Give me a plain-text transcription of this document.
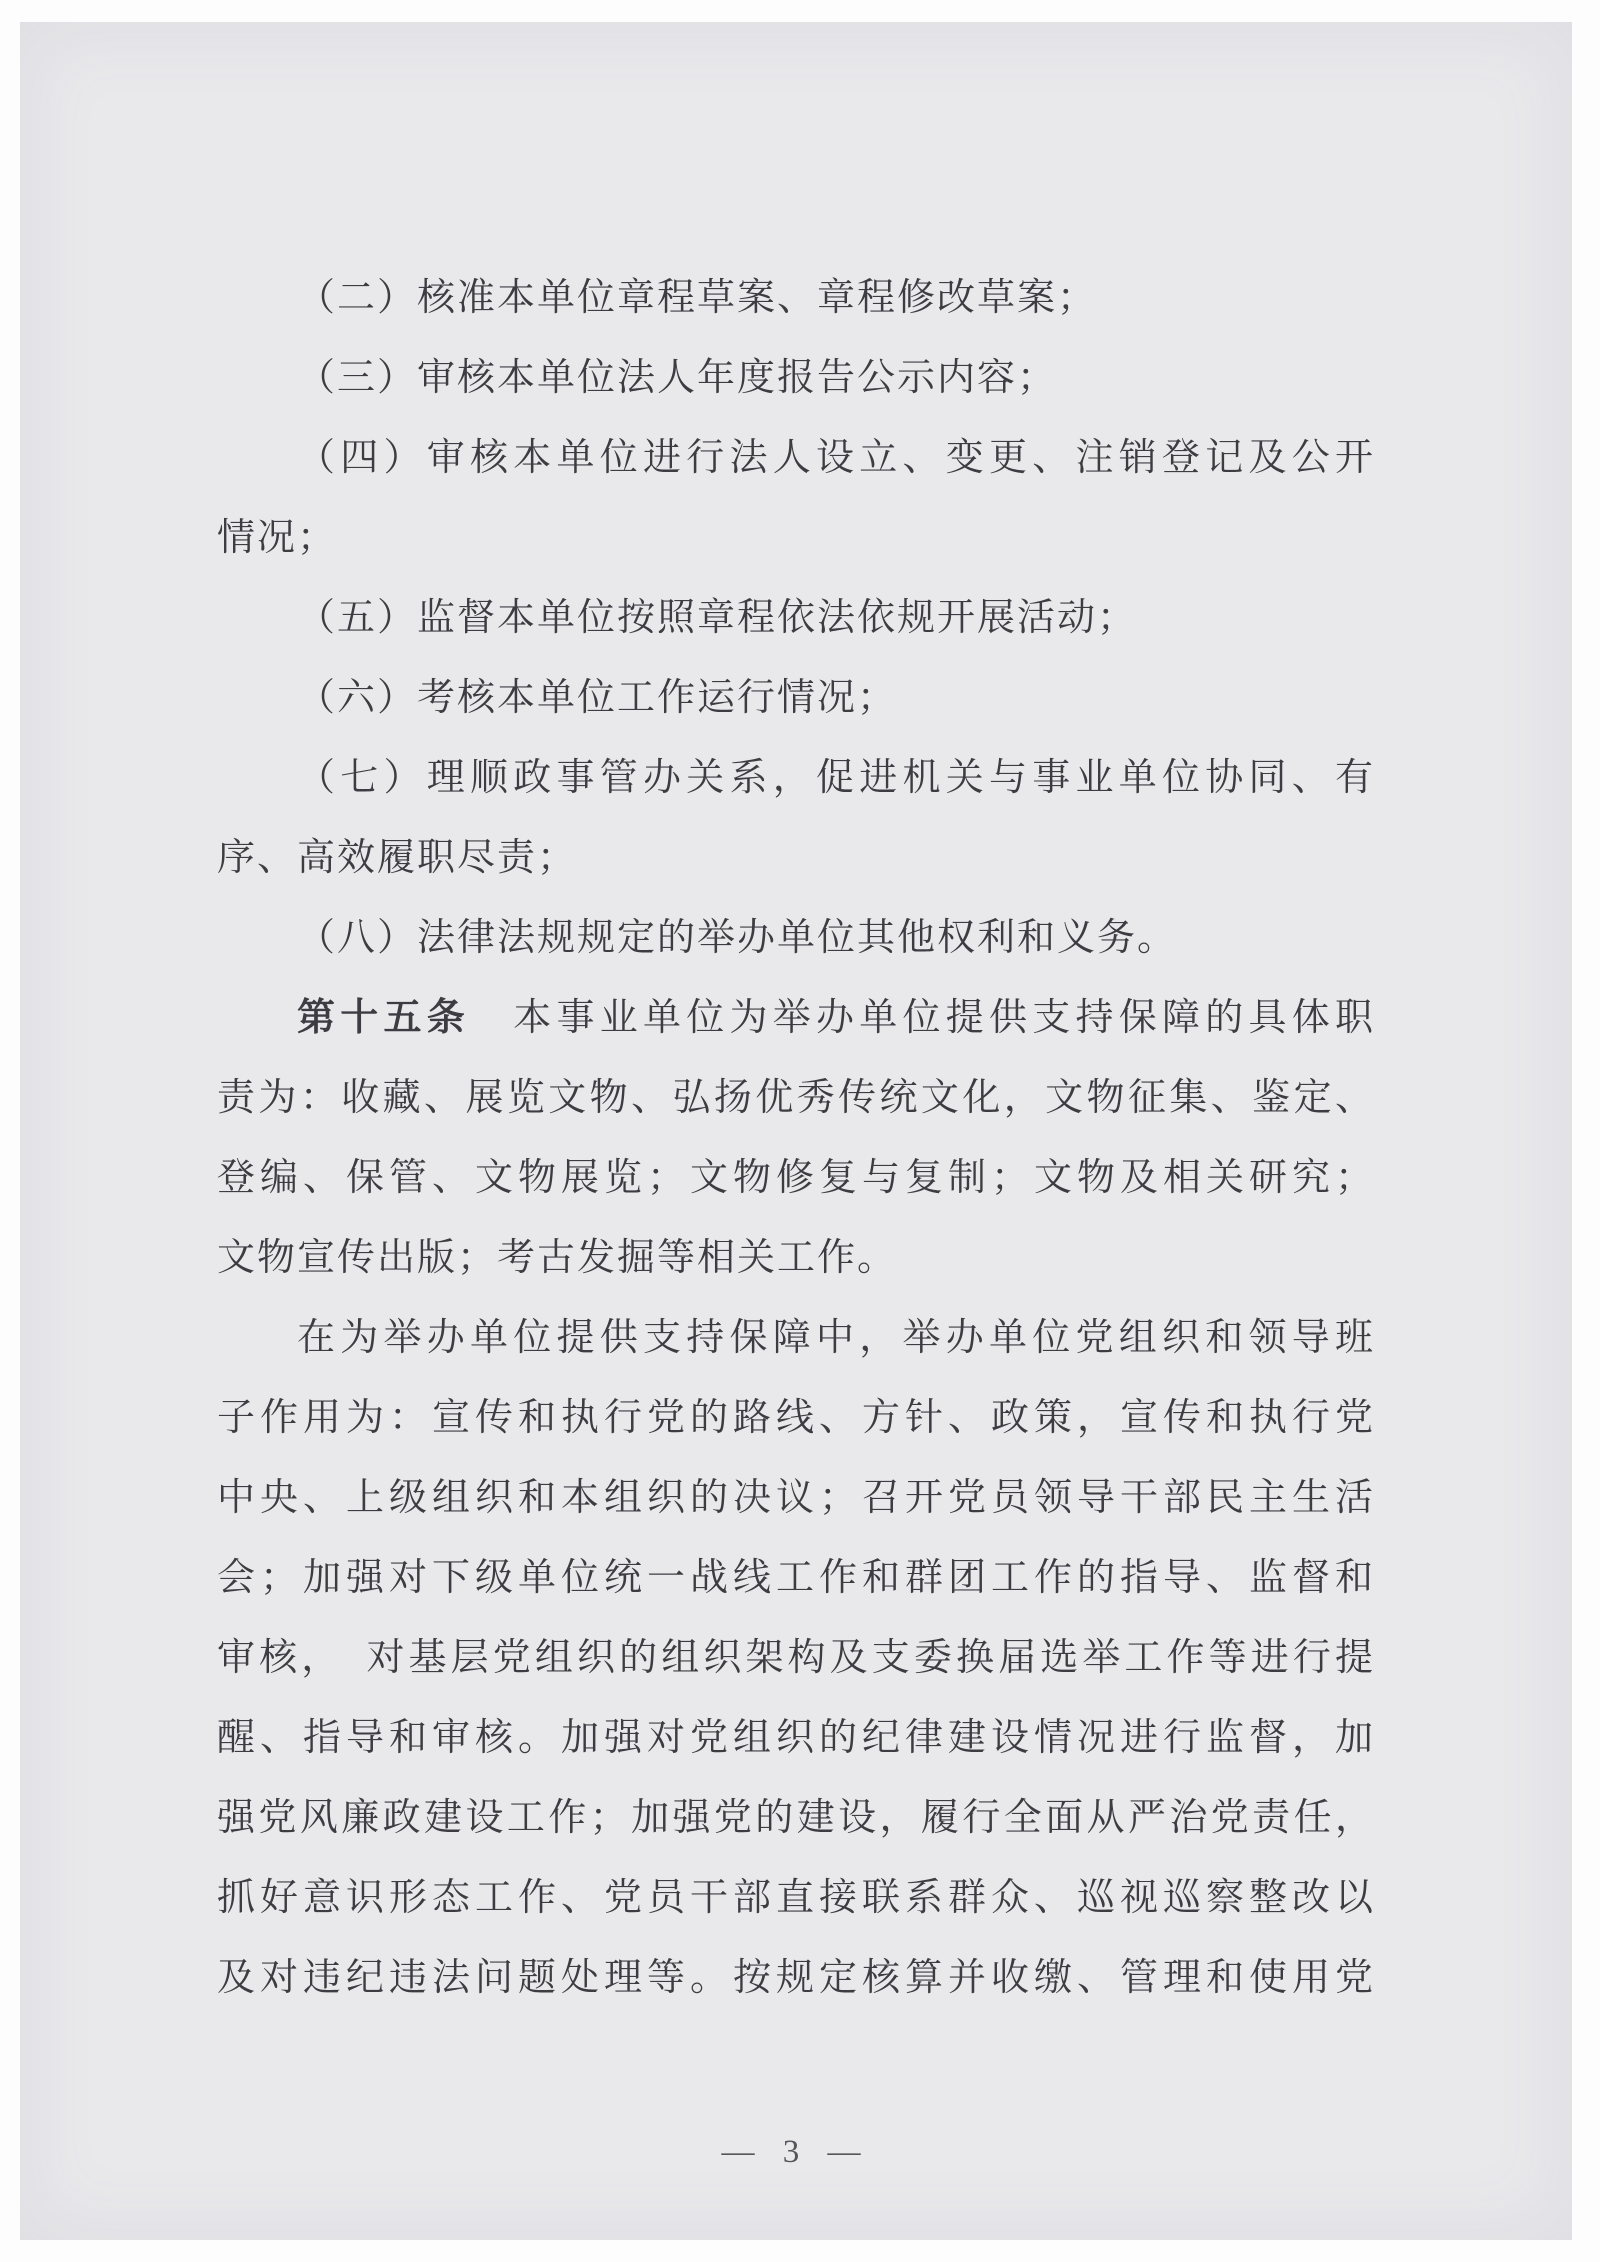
（二）核准本单位章程草案、章程修改草案；
（三）审核本单位法人年度报告公示内容；
（四）审核本单位进行法人设立、变更、注销登记及公开
情况；
（五）监督本单位按照章程依法依规开展活动；
（六）考核本单位工作运行情况；
（七）理顺政事管办关系，促进机关与事业单位协同、有
序、高效履职尽责；
（八）法律法规规定的举办单位其他权利和义务。
第十五条　本事业单位为举办单位提供支持保障的具体职
责为：收藏、展览文物、弘扬优秀传统文化，文物征集、鉴定、
登编、保管、文物展览；文物修复与复制；文物及相关研究；
文物宣传出版；考古发掘等相关工作。
在为举办单位提供支持保障中，举办单位党组织和领导班
子作用为：宣传和执行党的路线、方针、政策，宣传和执行党
中央、上级组织和本组织的决议；召开党员领导干部民主生活
会；加强对下级单位统一战线工作和群团工作的指导、监督和
审核，　对基层党组织的组织架构及支委换届选举工作等进行提
醒、指导和审核。加强对党组织的纪律建设情况进行监督，加
强党风廉政建设工作；加强党的建设，履行全面从严治党责任，
抓好意识形态工作、党员干部直接联系群众、巡视巡察整改以
及对违纪违法问题处理等。按规定核算并收缴、管理和使用党
— 3 —
